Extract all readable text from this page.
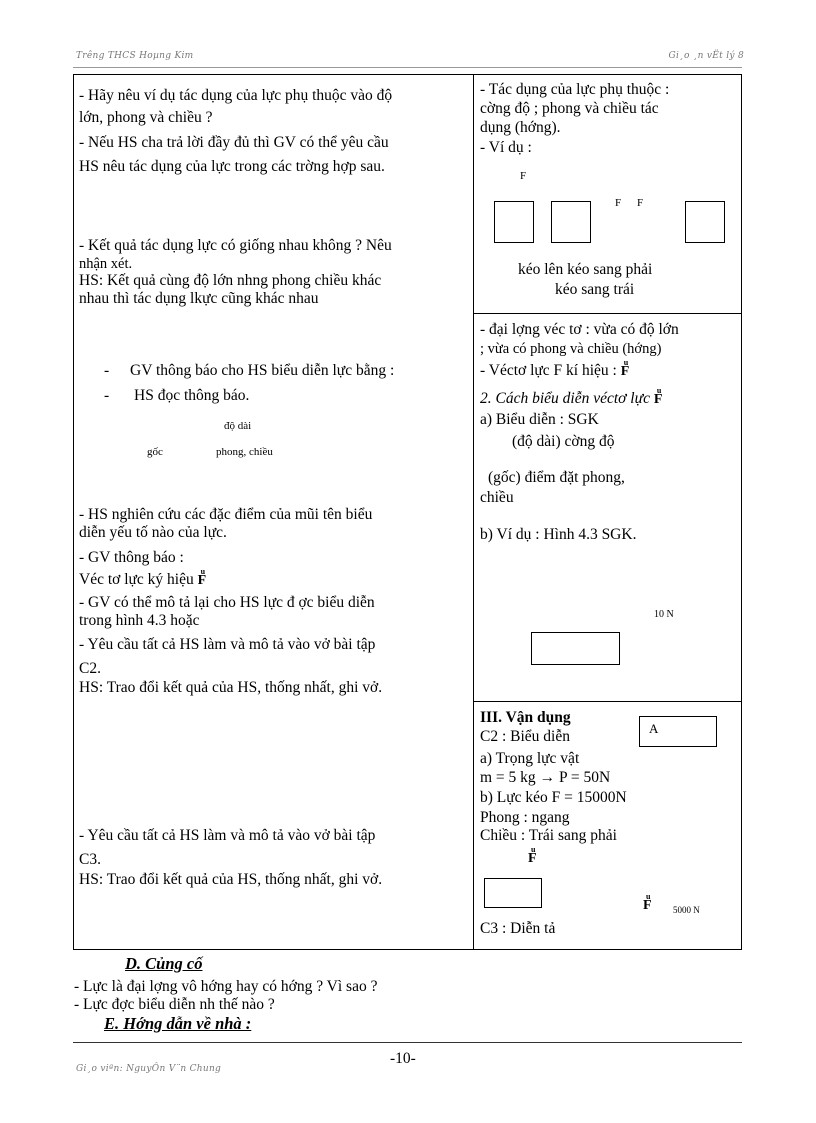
Trêng THCS Hoµng Kim	Gi¸o ¸n vËt lý 8
- Hãy nêu ví dụ tác dụng của lực phụ thuộc vào độ
lớn, phong và chiều ?
- Nếu HS cha trả lời đầy đủ thì GV có thể yêu cầu
HS nêu tác dụng của lực trong các trờng hợp sau.
- Kết quả tác dụng lực có giống nhau không ? Nêu
nhận xét.
HS: Kết quả cùng độ lớn nhng phong chiều khác
nhau thì tác dụng lkực cũng khác nhau
- GV thông báo cho HS biểu diễn lực bằng :
- HS đọc thông báo.
độ dài
gốc	phong, chiều
- HS nghiên cứu các đặc điểm của mũi tên biểu
diễn yếu tố nào của lực.
- GV thông báo :
Véc tơ lực ký hiệu u F
- GV có thể mô tả lại cho HS lực đ ợc biểu diễn
trong hình 4.3 hoặc
- Yêu cầu tất cả HS làm và mô tả vào vở bài tập
C2.
HS: Trao đổi kết quả của HS, thống nhất, ghi vở.
- Yêu cầu tất cả HS làm và mô tả vào vở bài tập
C3.
HS: Trao đổi kết quả của HS, thống nhất, ghi vở.
- Tác dụng của lực phụ thuộc :
cờng độ ; phong và chiều tác
dụng (hớng).
- Ví dụ :
F
F F
kéo lên kéo sang phải
kéo sang trái
- đại lợng véc tơ : vừa có độ lớn
; vừa có phong và chiều (hớng)
- Véctơ lực F kí hiệu : u F
2. Cách biểu diễn véctơ lực u F
a) Biểu diễn : SGK
(độ dài) cờng độ
(gốc) điểm đặt phong,
chiều
b) Ví dụ : Hình 4.3 SGK.
10 N
III. Vận dụng
C2 : Biểu diễn
a) Trọng lực vật
m = 5 kg → P = 50N
b) Lực kéo F = 15000N
Phong : ngang
Chiều : Trái sang phải
u F
A
u F 5000 N
C3 : Diễn tả
D. Củng cố
- Lực là đại lợng vô hớng hay có hớng ? Vì sao ?
- Lực đợc biểu diễn nh thế nào ?
E. Hớng dẫn về nhà :
-10-
Gi¸o viªn: NguyÔn V¨n Chung
